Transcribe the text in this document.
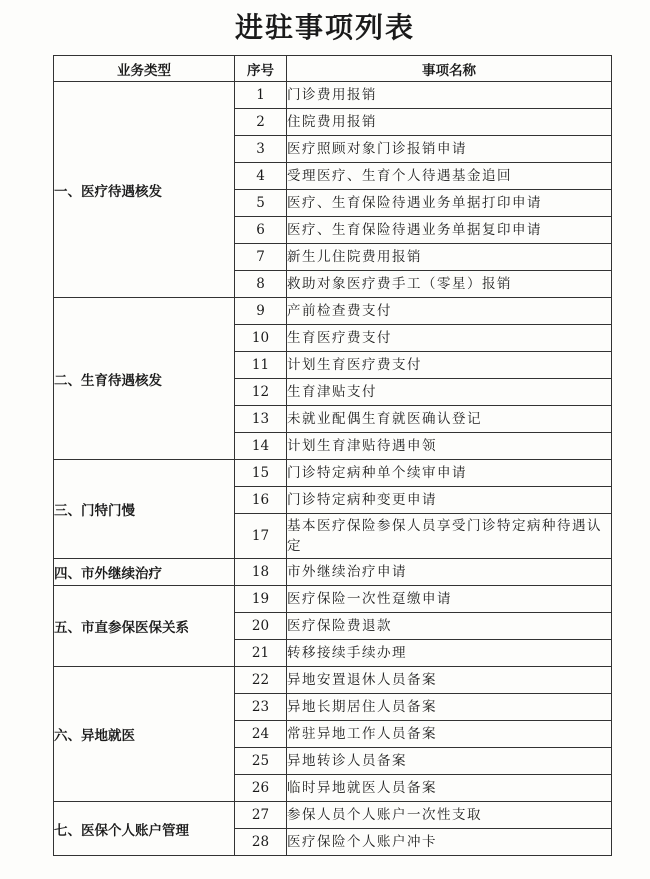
进驻事项列表
业务类型	序号	事项名称
一、医疗待遇核发	1	门诊费用报销
	2	住院费用报销
	3	医疗照顾对象门诊报销申请
	4	受理医疗、生育个人待遇基金追回
	5	医疗、生育保险待遇业务单据打印申请
	6	医疗、生育保险待遇业务单据复印申请
	7	新生儿住院费用报销
	8	救助对象医疗费手工（零星）报销
二、生育待遇核发	9	产前检查费支付
	10	生育医疗费支付
	11	计划生育医疗费支付
	12	生育津贴支付
	13	未就业配偶生育就医确认登记
	14	计划生育津贴待遇申领
三、门特门慢	15	门诊特定病种单个续审申请
	16	门诊特定病种变更申请
	17	基本医疗保险参保人员享受门诊特定病种待遇认定
四、市外继续治疗	18	市外继续治疗申请
五、市直参保医保关系	19	医疗保险一次性趸缴申请
	20	医疗保险费退款
	21	转移接续手续办理
六、异地就医	22	异地安置退休人员备案
	23	异地长期居住人员备案
	24	常驻异地工作人员备案
	25	异地转诊人员备案
	26	临时异地就医人员备案
七、医保个人账户管理	27	参保人员个人账户一次性支取
	28	医疗保险个人账户冲卡
